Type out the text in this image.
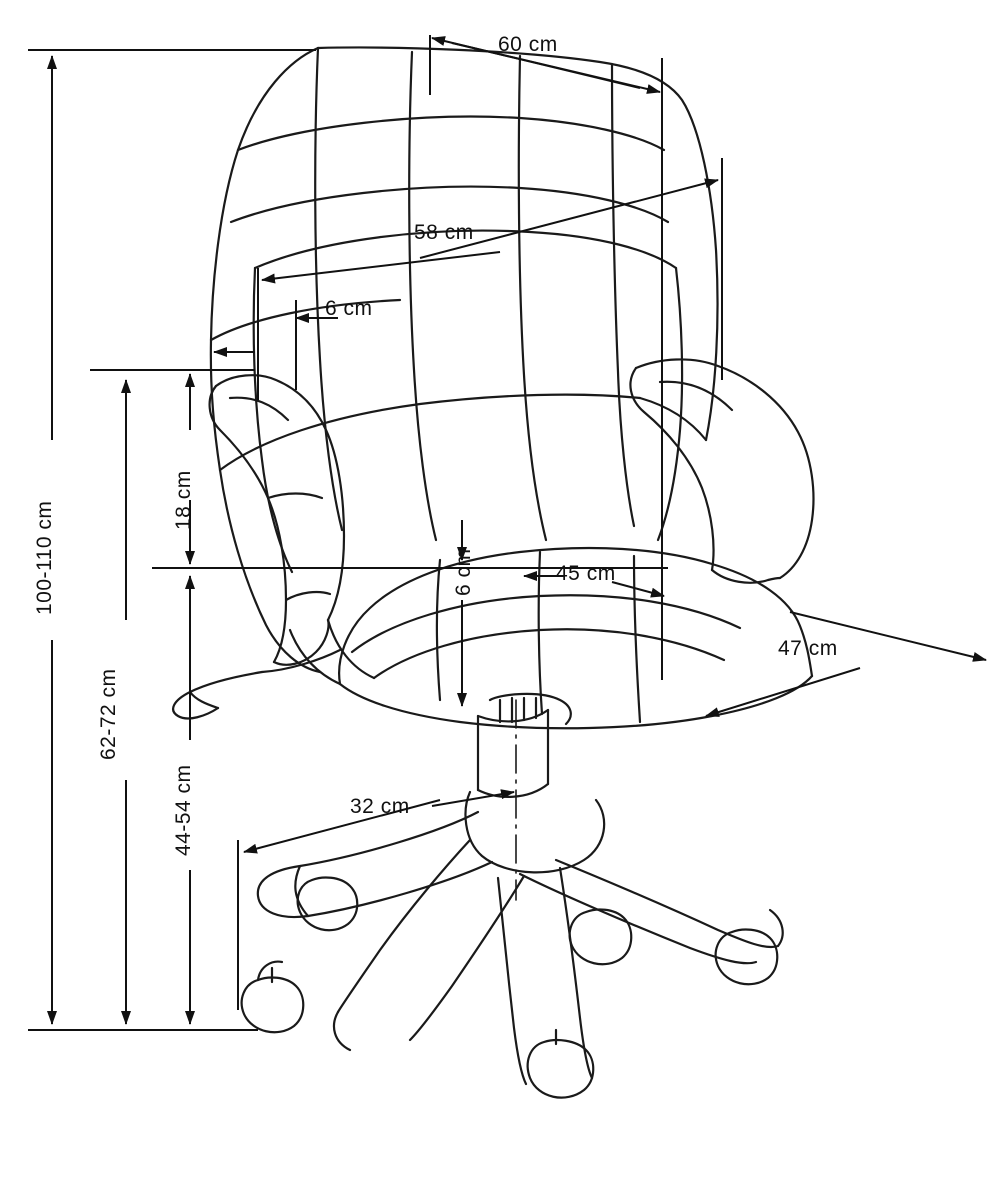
60 cm
58 cm
6 cm
18 cm
6 cm	45 cm
47 cm
32 cm
100-110 cm
62-72 cm
44-54 cm
